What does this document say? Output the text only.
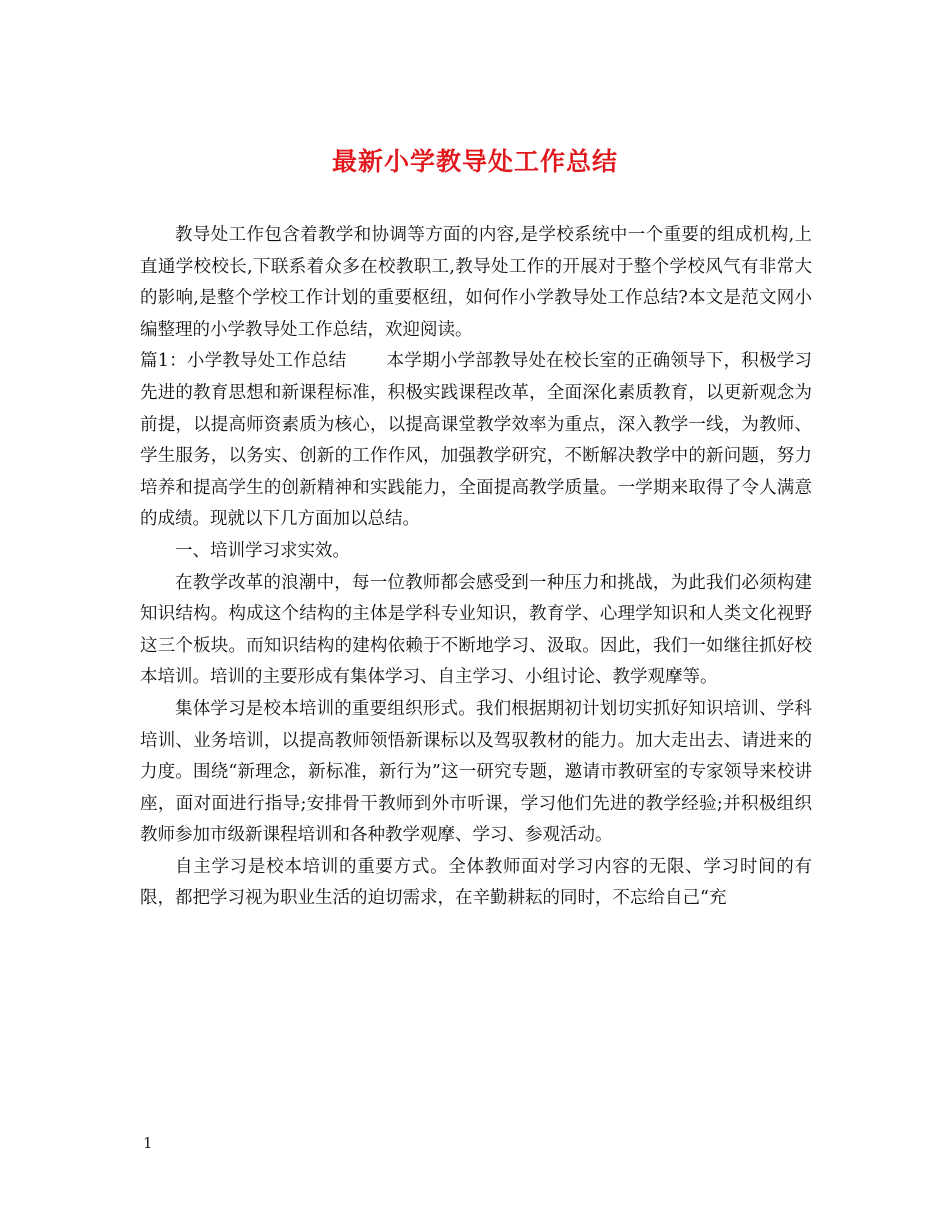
最新小学教导处工作总结

教导处工作包含着教学和协调等方面的内容,是学校系统中一个重要的组成机构,上直通学校校长,下联系着众多在校教职工,教导处工作的开展对于整个学校风气有非常大的影响,是整个学校工作计划的重要枢纽，如何作小学教导处工作总结?本文是范文网小编整理的小学教导处工作总结，欢迎阅读。

篇1：小学教导处工作总结 本学期小学部教导处在校长室的正确领导下，积极学习先进的教育思想和新课程标准，积极实践课程改革，全面深化素质教育，以更新观念为前提，以提高师资素质为核心，以提高课堂教学效率为重点，深入教学一线，为教师、学生服务，以务实、创新的工作作风，加强教学研究，不断解决教学中的新问题，努力培养和提高学生的创新精神和实践能力，全面提高教学质量。一学期来取得了令人满意的成绩。现就以下几方面加以总结。

一、培训学习求实效。

在教学改革的浪潮中，每一位教师都会感受到一种压力和挑战，为此我们必须构建知识结构。构成这个结构的主体是学科专业知识，教育学、心理学知识和人类文化视野这三个板块。而知识结构的建构依赖于不断地学习、汲取。因此，我们一如继往抓好校本培训。培训的主要形成有集体学习、自主学习、小组讨论、教学观摩等。

集体学习是校本培训的重要组织形式。我们根据期初计划切实抓好知识培训、学科培训、业务培训，以提高教师领悟新课标以及驾驭教材的能力。加大走出去、请进来的力度。围绕“新理念，新标准，新行为”这一研究专题，邀请市教研室的专家领导来校讲座，面对面进行指导;安排骨干教师到外市听课，学习他们先进的教学经验;并积极组织教师参加市级新课程培训和各种教学观摩、学习、参观活动。

自主学习是校本培训的重要方式。全体教师面对学习内容的无限、学习时间的有限，都把学习视为职业生活的迫切需求，在辛勤耕耘的同时，不忘给自己“充

1
